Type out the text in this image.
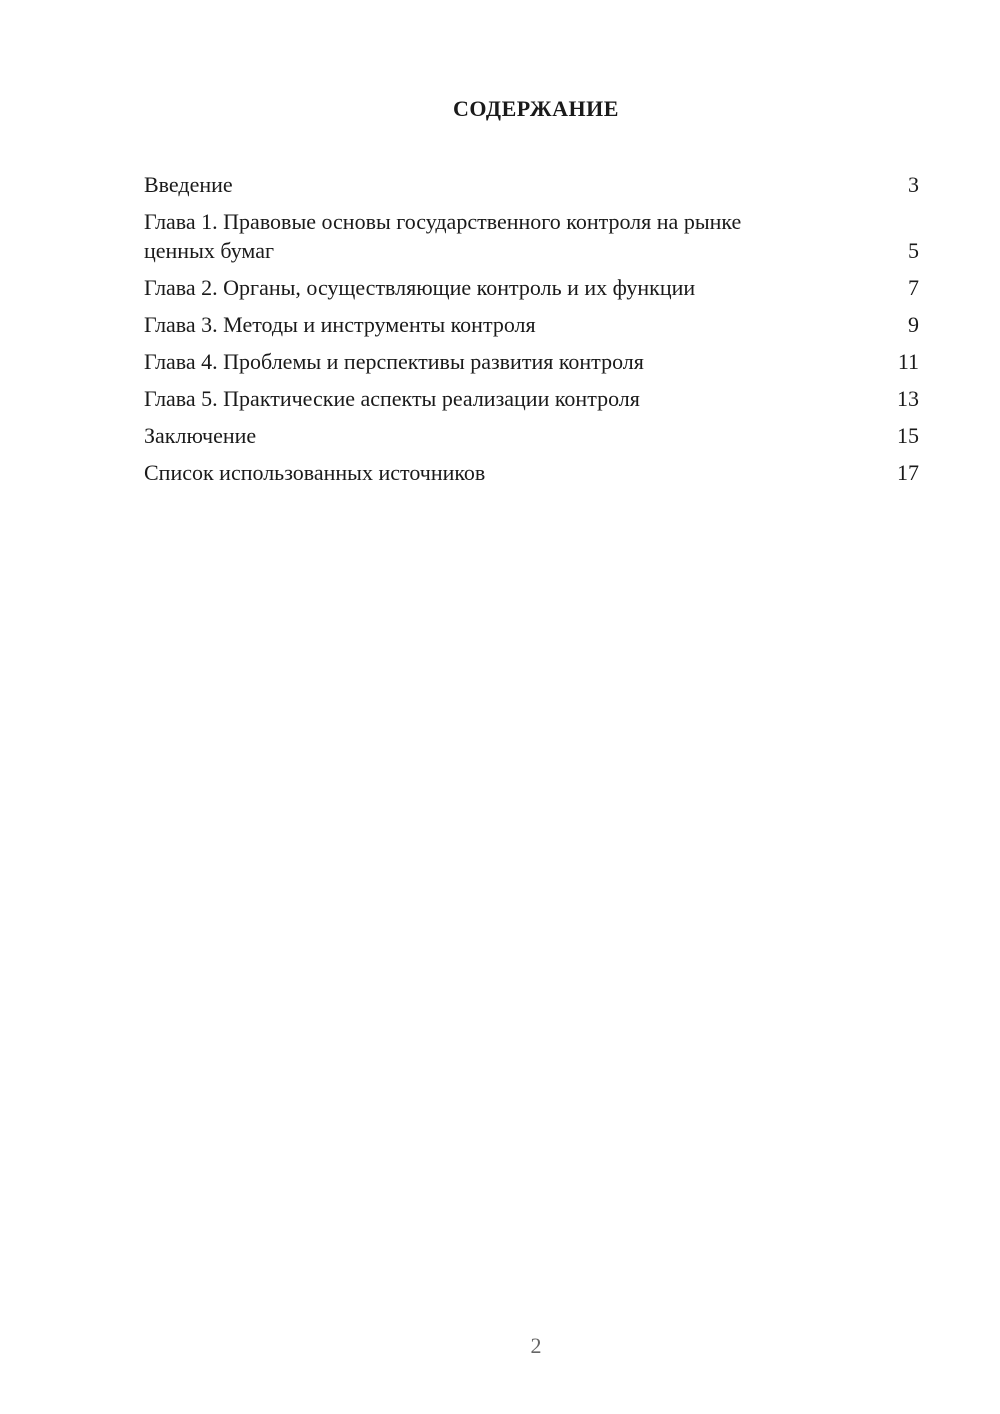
СОДЕРЖАНИЕ
Введение	3
Глава 1. Правовые основы государственного контроля на рынке ценных бумаг	5
Глава 2. Органы, осуществляющие контроль и их функции	7
Глава 3. Методы и инструменты контроля	9
Глава 4. Проблемы и перспективы развития контроля	11
Глава 5. Практические аспекты реализации контроля	13
Заключение	15
Список использованных источников	17
2
